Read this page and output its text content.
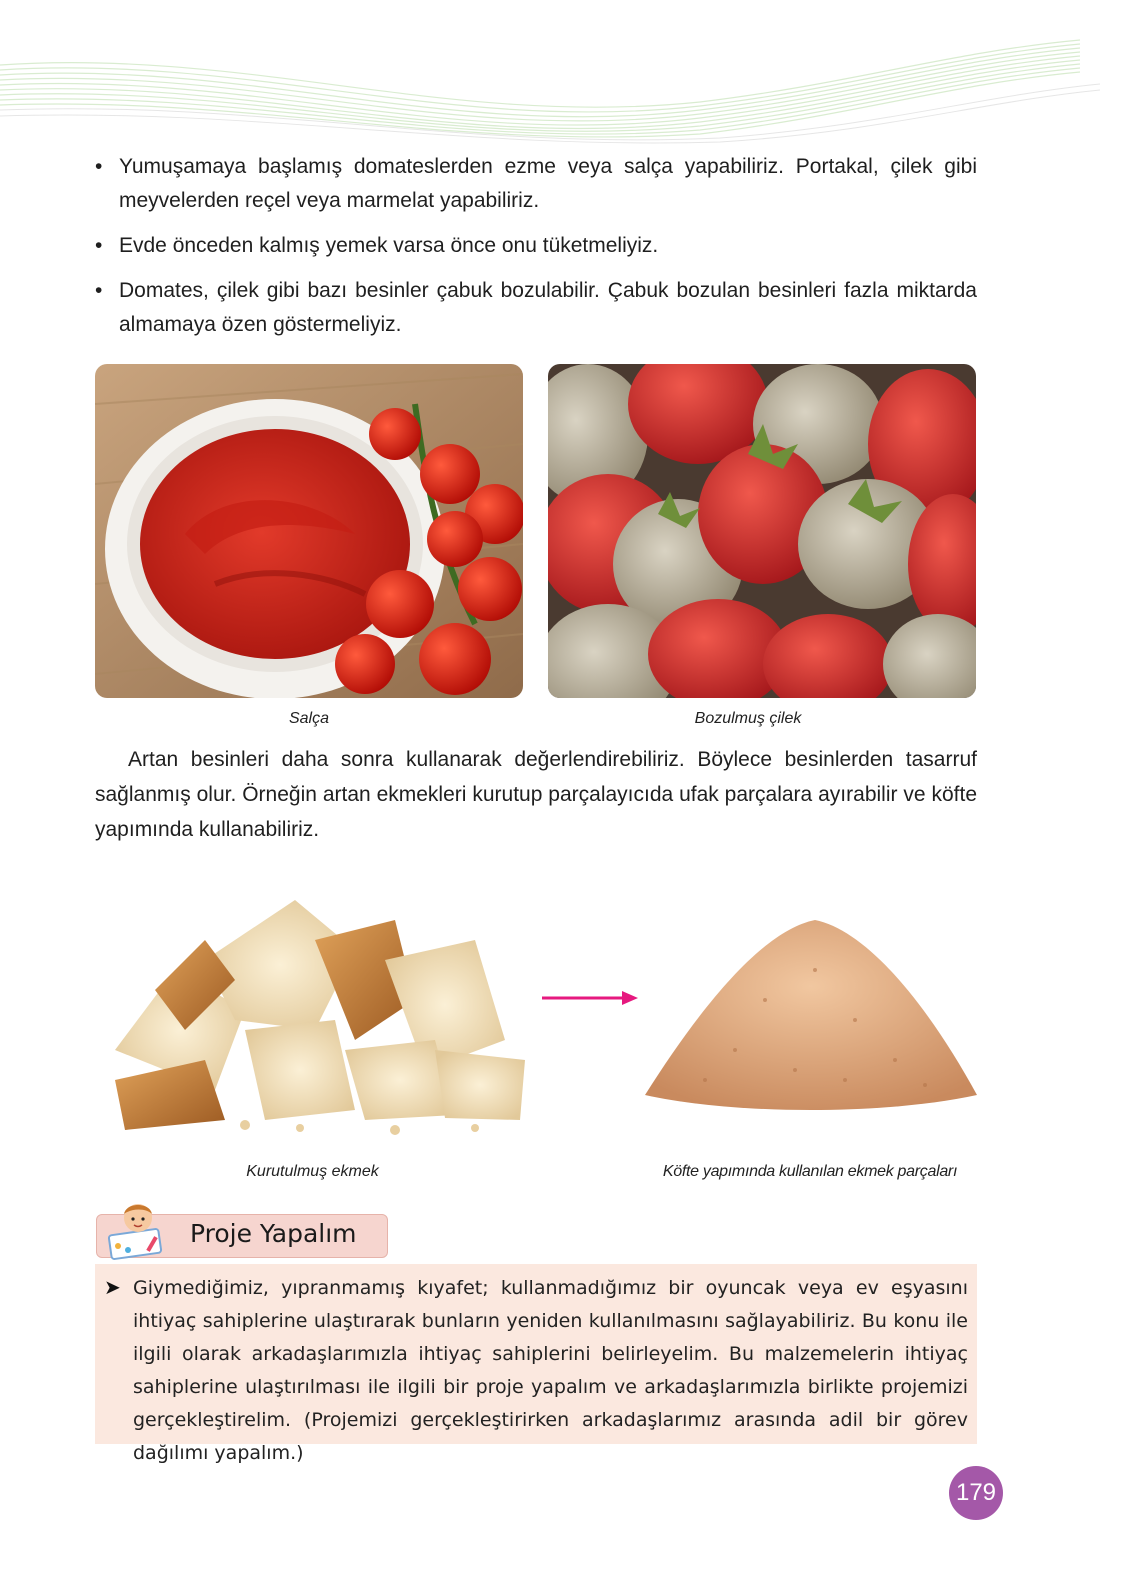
• Yumuşamaya başlamış domateslerden ezme veya salça yapabiliriz. Portakal, çilek gibi meyvelerden reçel veya marmelat yapabiliriz.
• Evde önceden kalmış yemek varsa önce onu tüketmeliyiz.
• Domates, çilek gibi bazı besinler çabuk bozulabilir. Çabuk bozulan besinleri fazla miktarda almamaya özen göstermeliyiz.
Salça	Bozulmuş çilek

Artan besinleri daha sonra kullanarak değerlendirebiliriz. Böylece besinlerden tasarruf sağlanmış olur. Örneğin artan ekmekleri kurutup parçalayıcıda ufak parçalara ayırabilir ve köfte yapımında kullanabiliriz.

Kurutulmuş ekmek	Köfte yapımında kullanılan ekmek parçaları
Proje Yapalım
➤ Giymediğimiz, yıpranmamış kıyafet; kullanmadığımız bir oyuncak veya ev eşyasını ihtiyaç sahiplerine ulaştırarak bunların yeniden kullanılmasını sağlayabiliriz. Bu konu ile ilgili olarak arkadaşlarımızla ihtiyaç sahiplerini belirleyelim. Bu malzemelerin ihtiyaç sahiplerine ulaştırılması ile ilgili bir proje yapalım ve arkadaşlarımızla birlikte projemizi gerçekleştirelim. (Projemizi gerçekleştirirken arkadaşlarımız arasında adil bir görev dağılımı yapalım.)

179
